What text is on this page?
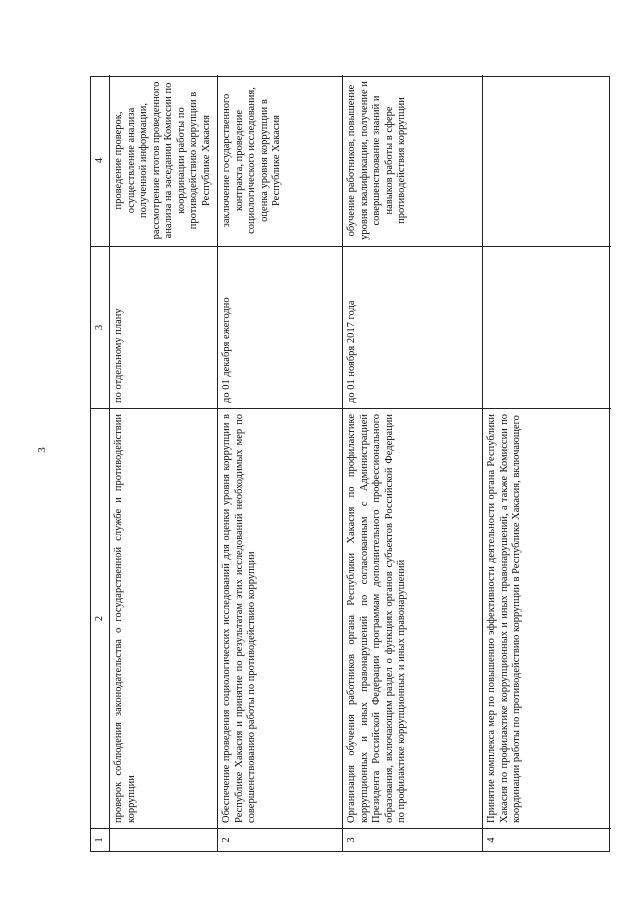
3
1
2
3
4
проверок соблюдения законодательства о государственной службе и противодействии коррупции
по отдельному плану
проведение проверок, осуществление анализа полученной информации, рассмотрение итогов проведенного анализа на заседании Комиссии по координации работы по противодействию коррупции в Республике Хакасия
2
Обеспечение проведения социологических исследований для оценки уровня коррупции в Республике Хакасия и принятие по результатам этих исследований необходимых мер по совершенствованию работы по противодействию коррупции
до 01 декабря ежегодно
заключение государственного контракта, проведение социологического исследования, оценка уровня коррупции в Республике Хакасия
3
Организация обучения работников органа Республики Хакасия по профилактике коррупционных и иных правонарушений по согласованным с Администрацией Президента Российской Федерации программам дополнительного профессионального образования, включающим раздел о функциях органов субъектов Российской Федерации по профилактике коррупционных и иных правонарушений
до 01 ноября 2017 года
обучение работников, повышение уровня квалификации, получение и совершенствование знаний и навыков работы в сфере противодействия коррупции
4
Принятие комплекса мер по повышению эффективности деятельности органа Республики Хакасия по профилактике коррупционных и иных правонарушений, а также Комиссии по координации работы по противодействию коррупции в Республике Хакасия, включающего
